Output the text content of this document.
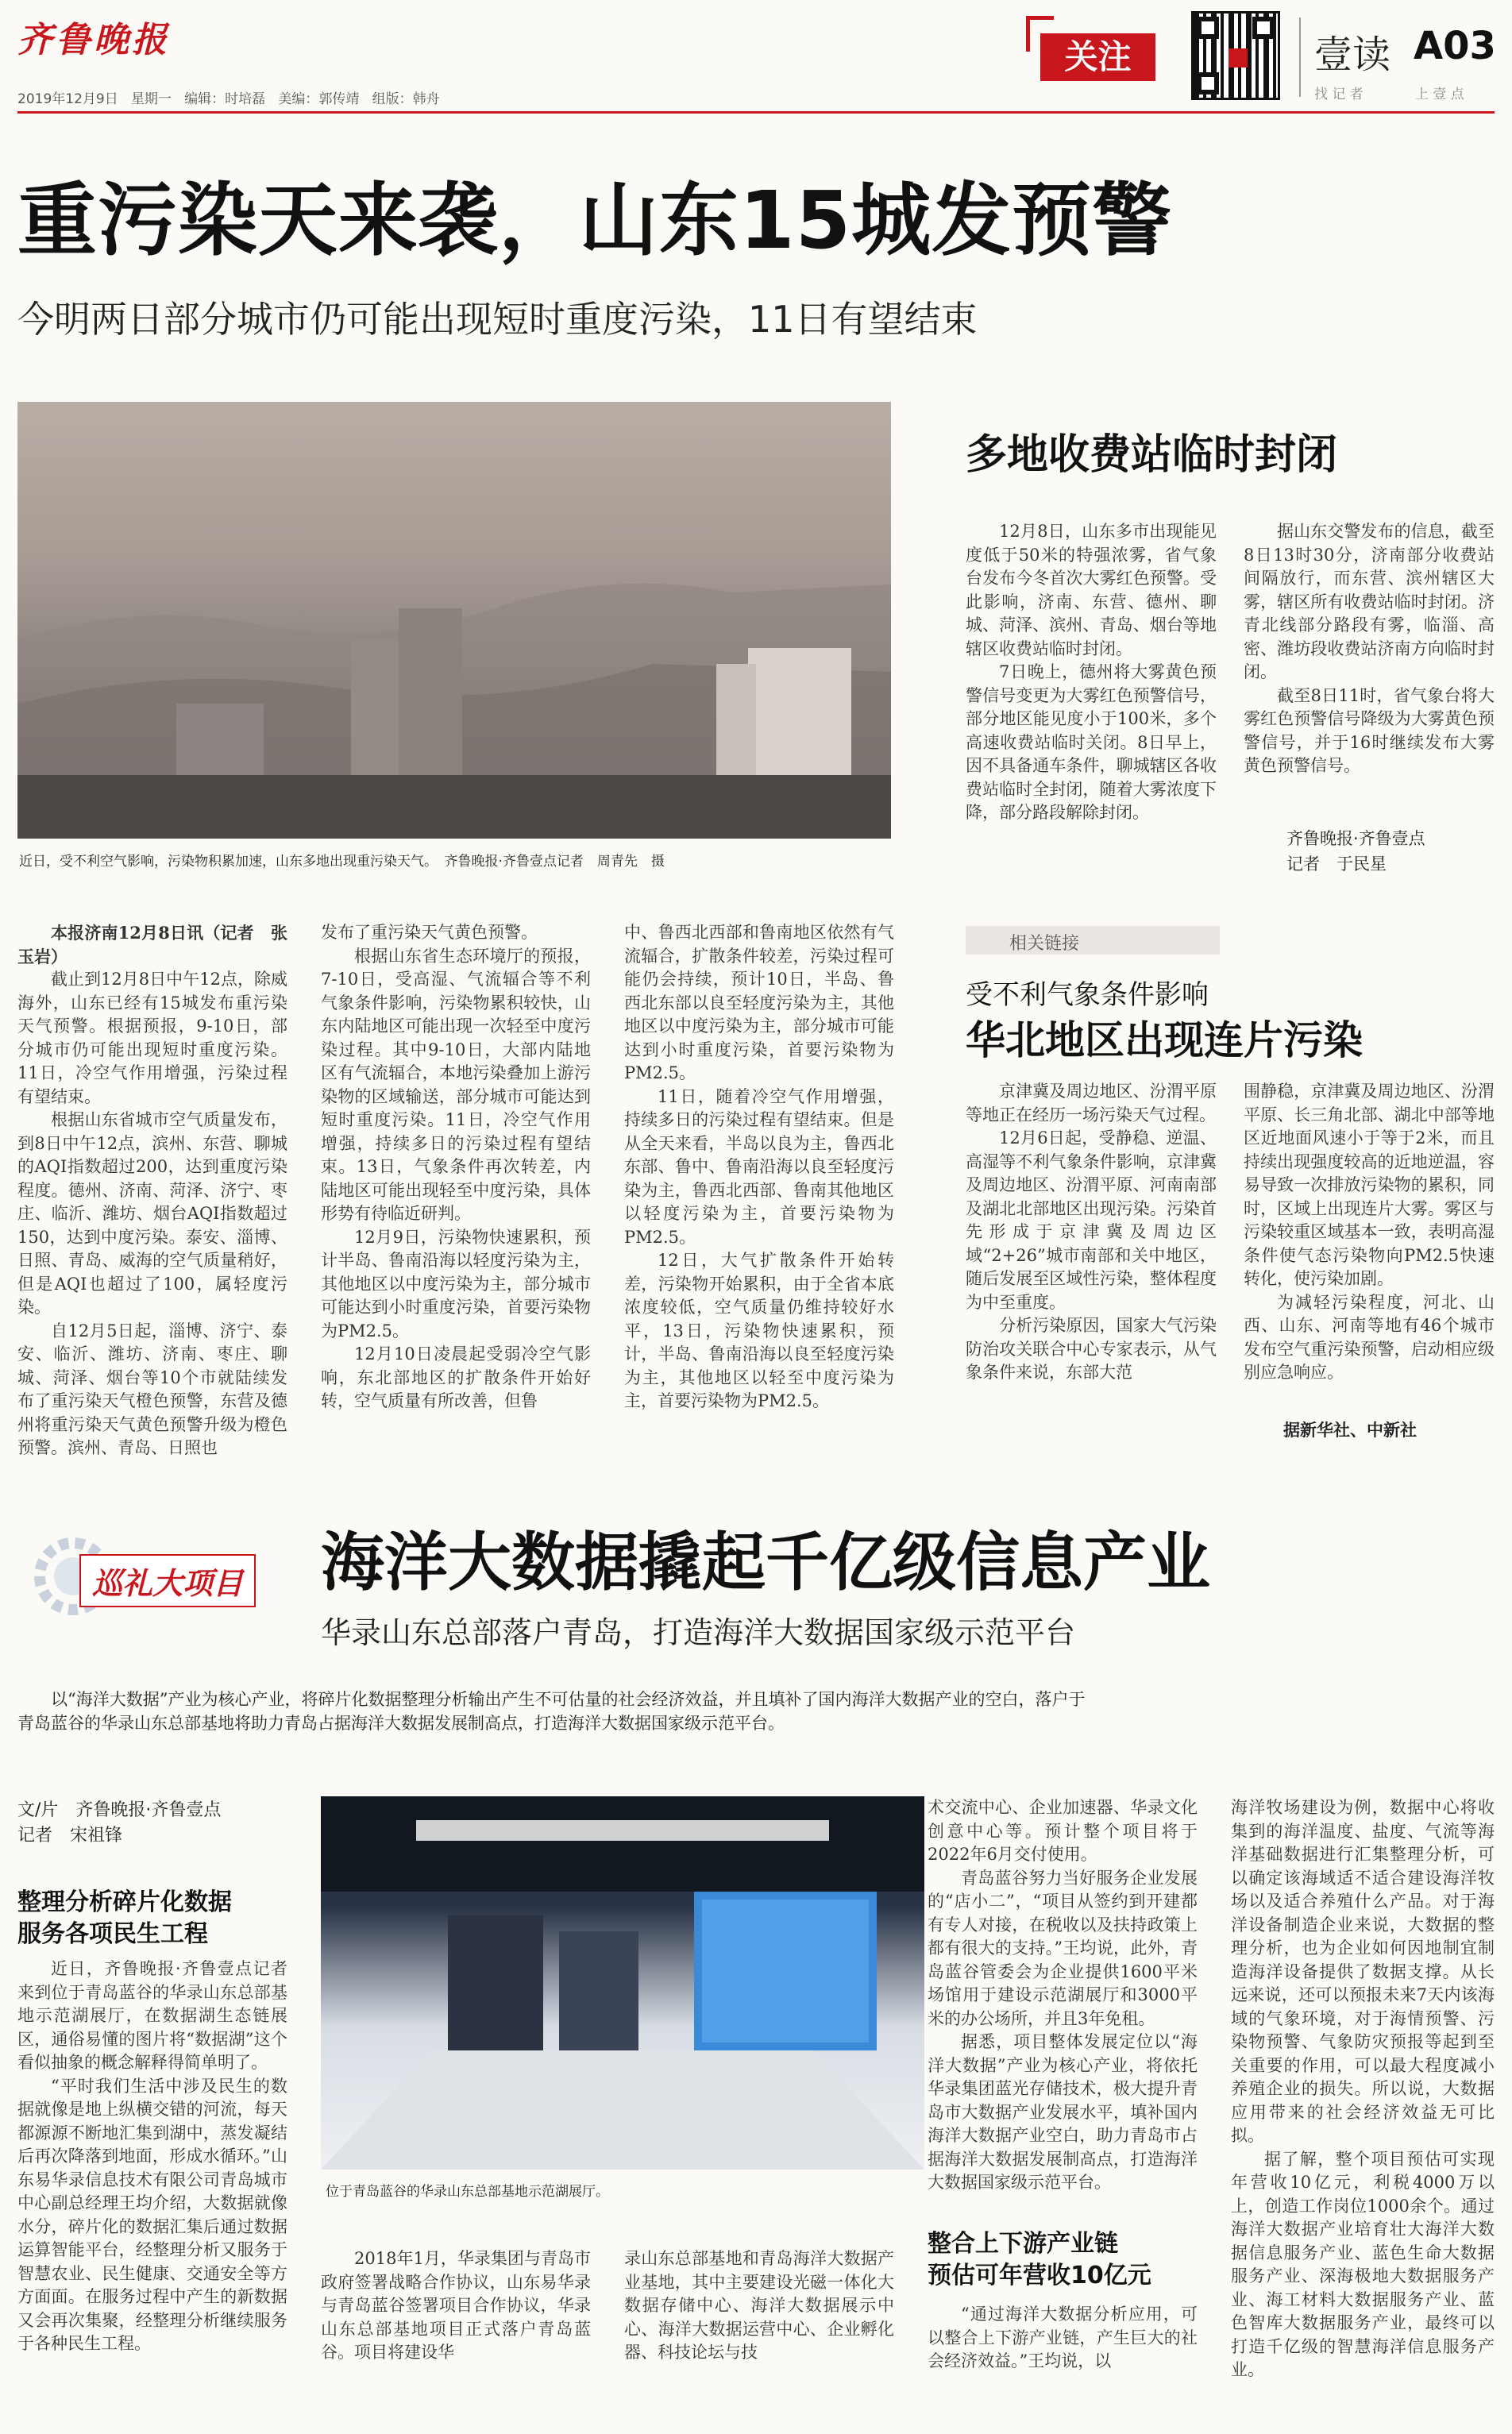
齐鲁晚报
2019年12月9日 星期一 编辑：时培磊 美编：郭传靖 组版：韩舟
关注	壹读 A03
找 记 者	上 壹 点
重污染天来袭，山东15城发预警
今明两日部分城市仍可能出现短时重度污染，11日有望结束
近日，受不利空气影响，污染物积累加速，山东多地出现重污染天气。　齐鲁晚报·齐鲁壹点记者　周青先　摄

本报济南12月8日讯（记者　张玉岩）

截止到12月8日中午12点，除威海外，山东已经有15城发布重污染天气预警。根据预报，9-10日，部分城市仍可能出现短时重度污染。11日，冷空气作用增强，污染过程有望结束。

根据山东省城市空气质量发布，到8日中午12点，滨州、东营、聊城的AQI指数超过200，达到重度污染程度。德州、济南、菏泽、济宁、枣庄、临沂、潍坊、烟台AQI指数超过150，达到中度污染。泰安、淄博、日照、青岛、威海的空气质量稍好，但是AQI也超过了100，属轻度污染。

自12月5日起，淄博、济宁、泰安、临沂、潍坊、济南、枣庄、聊城、菏泽、烟台等10个市就陆续发布了重污染天气橙色预警，东营及德州将重污染天气黄色预警升级为橙色预警。滨州、青岛、日照也

发布了重污染天气黄色预警。

根据山东省生态环境厅的预报，7-10日，受高湿、气流辐合等不利气象条件影响，污染物累积较快，山东内陆地区可能出现一次轻至中度污染过程。其中9-10日，大部内陆地区有气流辐合，本地污染叠加上游污染物的区域输送，部分城市可能达到短时重度污染。11日，冷空气作用增强，持续多日的污染过程有望结束。13日，气象条件再次转差，内陆地区可能出现轻至中度污染，具体形势有待临近研判。

12月9日，污染物快速累积，预计半岛、鲁南沿海以轻度污染为主，其他地区以中度污染为主，部分城市可能达到小时重度污染，首要污染物为PM2.5。

12月10日凌晨起受弱冷空气影响，东北部地区的扩散条件开始好转，空气质量有所改善，但鲁

中、鲁西北西部和鲁南地区依然有气流辐合，扩散条件较差，污染过程可能仍会持续，预计10日，半岛、鲁西北东部以良至轻度污染为主，其他地区以中度污染为主，部分城市可能达到小时重度污染，首要污染物为PM2.5。

11日，随着冷空气作用增强，持续多日的污染过程有望结束。但是从全天来看，半岛以良为主，鲁西北东部、鲁中、鲁南沿海以良至轻度污染为主，鲁西北西部、鲁南其他地区以轻度污染为主，首要污染物为PM2.5。

12日，大气扩散条件开始转差，污染物开始累积，由于全省本底浓度较低，空气质量仍维持较好水平，13日，污染物快速累积，预计，半岛、鲁南沿海以良至轻度污染为主，其他地区以轻至中度污染为主，首要污染物为PM2.5。

多地收费站临时封闭

12月8日，山东多市出现能见度低于50米的特强浓雾，省气象台发布今冬首次大雾红色预警。受此影响，济南、东营、德州、聊城、菏泽、滨州、青岛、烟台等地辖区收费站临时封闭。

7日晚上，德州将大雾黄色预警信号变更为大雾红色预警信号，部分地区能见度小于100米，多个高速收费站临时关闭。8日早上，因不具备通车条件，聊城辖区各收费站临时全封闭，随着大雾浓度下降，部分路段解除封闭。

据山东交警发布的信息，截至8日13时30分，济南部分收费站间隔放行，而东营、滨州辖区大雾，辖区所有收费站临时封闭。济青北线部分路段有雾，临淄、高密、潍坊段收费站济南方向临时封闭。

截至8日11时，省气象台将大雾红色预警信号降级为大雾黄色预警信号，并于16时继续发布大雾黄色预警信号。

齐鲁晚报·齐鲁壹点
记者　于民星
相关链接
受不利气象条件影响
华北地区出现连片污染

京津冀及周边地区、汾渭平原等地正在经历一场污染天气过程。

12月6日起，受静稳、逆温、高湿等不利气象条件影响，京津冀及周边地区、汾渭平原、河南南部及湖北北部地区出现污染。污染首先形成于京津冀及周边区域“2+26”城市南部和关中地区，随后发展至区域性污染，整体程度为中至重度。

分析污染原因，国家大气污染防治攻关联合中心专家表示，从气象条件来说，东部大范

围静稳，京津冀及周边地区、汾渭平原、长三角北部、湖北中部等地区近地面风速小于等于2米，而且持续出现强度较高的近地逆温，容易导致一次排放污染物的累积，同时，区域上出现连片大雾。雾区与污染较重区域基本一致，表明高湿条件使气态污染物向PM2.5快速转化，使污染加剧。

为减轻污染程度，河北、山西、山东、河南等地有46个城市发布空气重污染预警，启动相应级别应急响应。

据新华社、中新社
巡礼大项目 海洋大数据撬起千亿级信息产业
华录山东总部落户青岛，打造海洋大数据国家级示范平台
以“海洋大数据”产业为核心产业，将碎片化数据整理分析输出产生不可估量的社会经济效益，并且填补了国内海洋大数据产业的空白，落户于
青岛蓝谷的华录山东总部基地将助力青岛占据海洋大数据发展制高点，打造海洋大数据国家级示范平台。
文/片　齐鲁晚报·齐鲁壹点
记者　宋祖锋
整理分析碎片化数据
服务各项民生工程

近日，齐鲁晚报·齐鲁壹点记者来到位于青岛蓝谷的华录山东总部基地示范湖展厅，在数据湖生态链展区，通俗易懂的图片将“数据湖”这个看似抽象的概念解释得简单明了。

“平时我们生活中涉及民生的数据就像是地上纵横交错的河流，每天都源源不断地汇集到湖中，蒸发凝结后再次降落到地面，形成水循环。”山东易华录信息技术有限公司青岛城市中心副总经理王均介绍，大数据就像水分，碎片化的数据汇集后通过数据运算智能平台，经整理分析又服务于智慧农业、民生健康、交通安全等方方面面。在服务过程中产生的新数据又会再次集聚，经整理分析继续服务于各种民生工程。

位于青岛蓝谷的华录山东总部基地示范湖展厅。

2018年1月，华录集团与青岛市政府签署战略合作协议，山东易华录与青岛蓝谷签署项目合作协议，华录山东总部基地项目正式落户青岛蓝谷。项目将建设华

录山东总部基地和青岛海洋大数据产业基地，其中主要建设光磁一体化大数据存储中心、海洋大数据展示中心、海洋大数据运营中心、企业孵化器、科技论坛与技

术交流中心、企业加速器、华录文化创意中心等。预计整个项目将于2022年6月交付使用。

青岛蓝谷努力当好服务企业发展的“店小二”，“项目从签约到开建都有专人对接，在税收以及扶持政策上都有很大的支持。”王均说，此外，青岛蓝谷管委会为企业提供1600平米场馆用于建设示范湖展厅和3000平米的办公场所，并且3年免租。

据悉，项目整体发展定位以“海洋大数据”产业为核心产业，将依托华录集团蓝光存储技术，极大提升青岛市大数据产业发展水平，填补国内海洋大数据产业空白，助力青岛市占据海洋大数据发展制高点，打造海洋大数据国家级示范平台。

整合上下游产业链
预估可年营收10亿元

“通过海洋大数据分析应用，可以整合上下游产业链，产生巨大的社会经济效益。”王均说，以

海洋牧场建设为例，数据中心将收集到的海洋温度、盐度、气流等海洋基础数据进行汇集整理分析，可以确定该海域适不适合建设海洋牧场以及适合养殖什么产品。对于海洋设备制造企业来说，大数据的整理分析，也为企业如何因地制宜制造海洋设备提供了数据支撑。从长远来说，还可以预报未来7天内该海域的气象环境，对于海情预警、污染物预警、气象防灾预报等起到至关重要的作用，可以最大程度减小养殖企业的损失。所以说，大数据应用带来的社会经济效益无可比拟。

据了解，整个项目预估可实现年营收10亿元，利税4000万以上，创造工作岗位1000余个。通过海洋大数据产业培育壮大海洋大数据信息服务产业、蓝色生命大数据服务产业、深海极地大数据服务产业、海工材料大数据服务产业、蓝色智库大数据服务产业，最终可以打造千亿级的智慧海洋信息服务产业。
